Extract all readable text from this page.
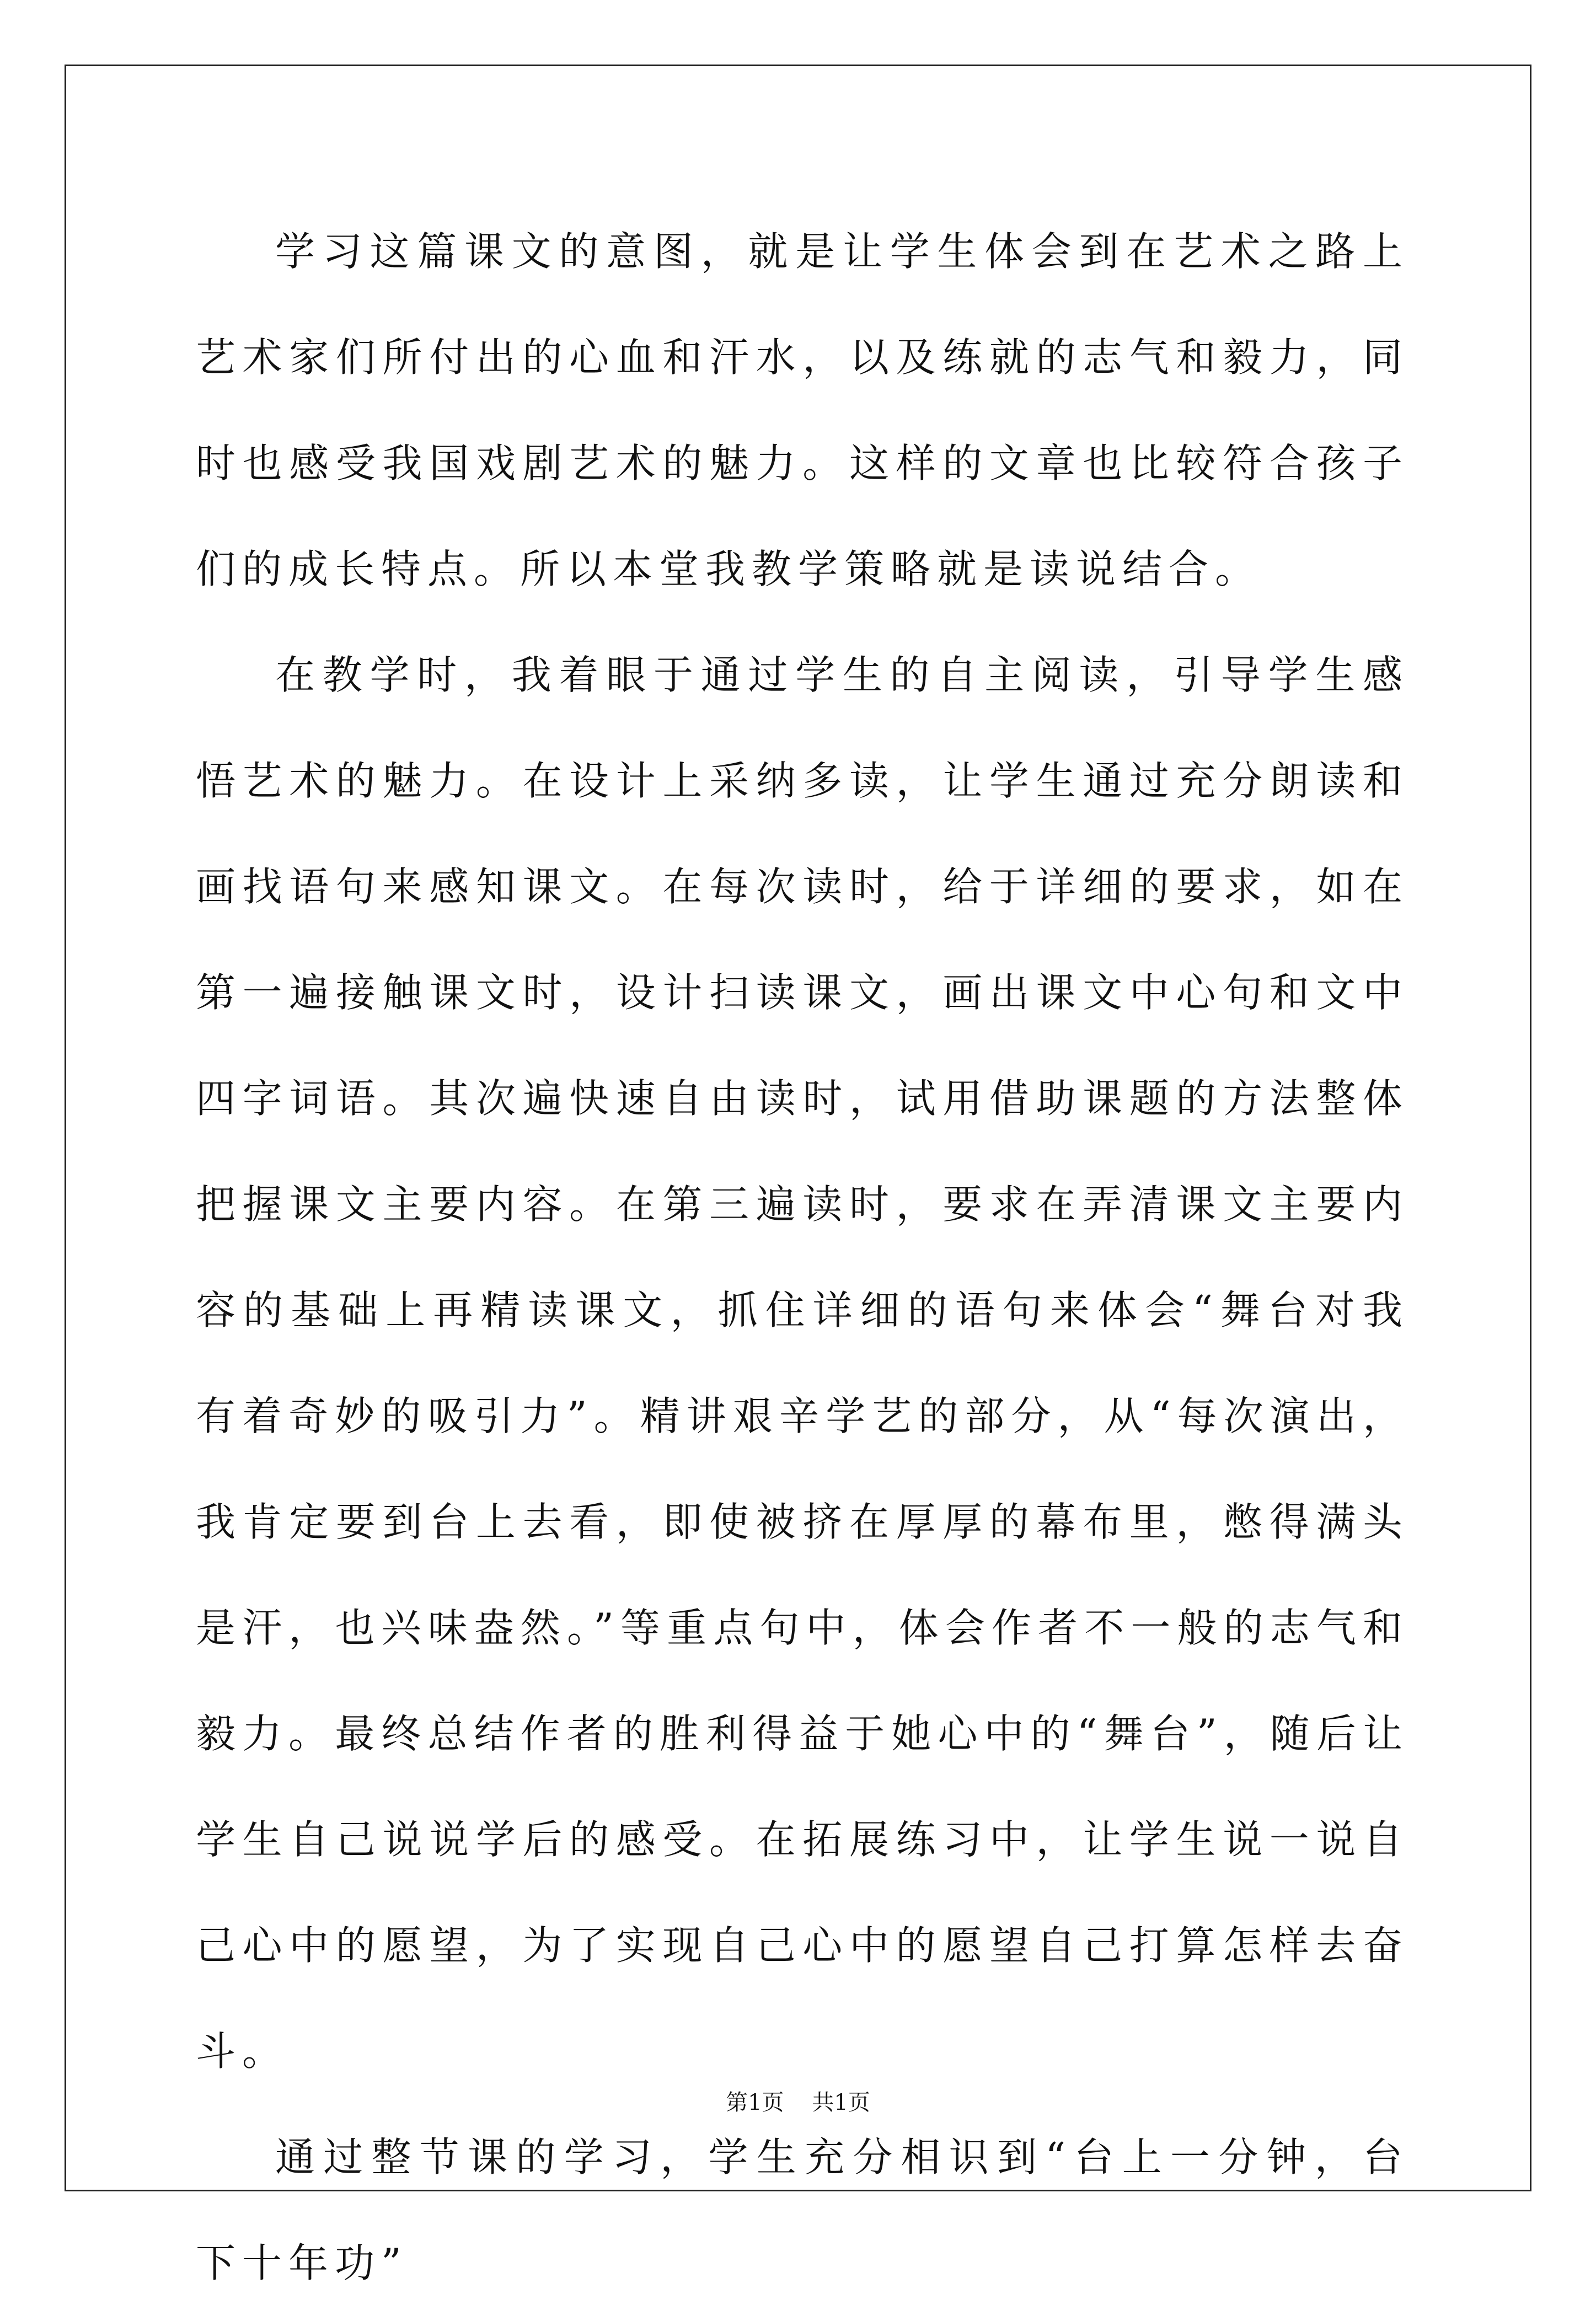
学习这篇课文的意图，就是让学生体会到在艺术之路上艺术家们所付出的心血和汗水，以及练就的志气和毅力，同时也感受我国戏剧艺术的魅力。这样的文章也比较符合孩子们的成长特点。所以本堂我教学策略就是读说结合。

在教学时，我着眼于通过学生的自主阅读，引导学生感悟艺术的魅力。在设计上采纳多读，让学生通过充分朗读和画找语句来感知课文。在每次读时，给于详细的要求，如在第一遍接触课文时，设计扫读课文，画出课文中心句和文中四字词语。其次遍快速自由读时，试用借助课题的方法整体把握课文主要内容。在第三遍读时，要求在弄清课文主要内容的基础上再精读课文，抓住详细的语句来体会“舞台对我有着奇妙的吸引力”。精讲艰辛学艺的部分，从“每次演出，我肯定要到台上去看，即使被挤在厚厚的幕布里，憋得满头是汗，也兴味盎然。”等重点句中，体会作者不一般的志气和毅力。最终总结作者的胜利得益于她心中的“舞台”，随后让学生自己说说学后的感受。在拓展练习中，让学生说一说自己心中的愿望，为了实现自己心中的愿望自己打算怎样去奋斗。

通过整节课的学习，学生充分相识到“台上一分钟，台下十年功”

第1页 共1页
